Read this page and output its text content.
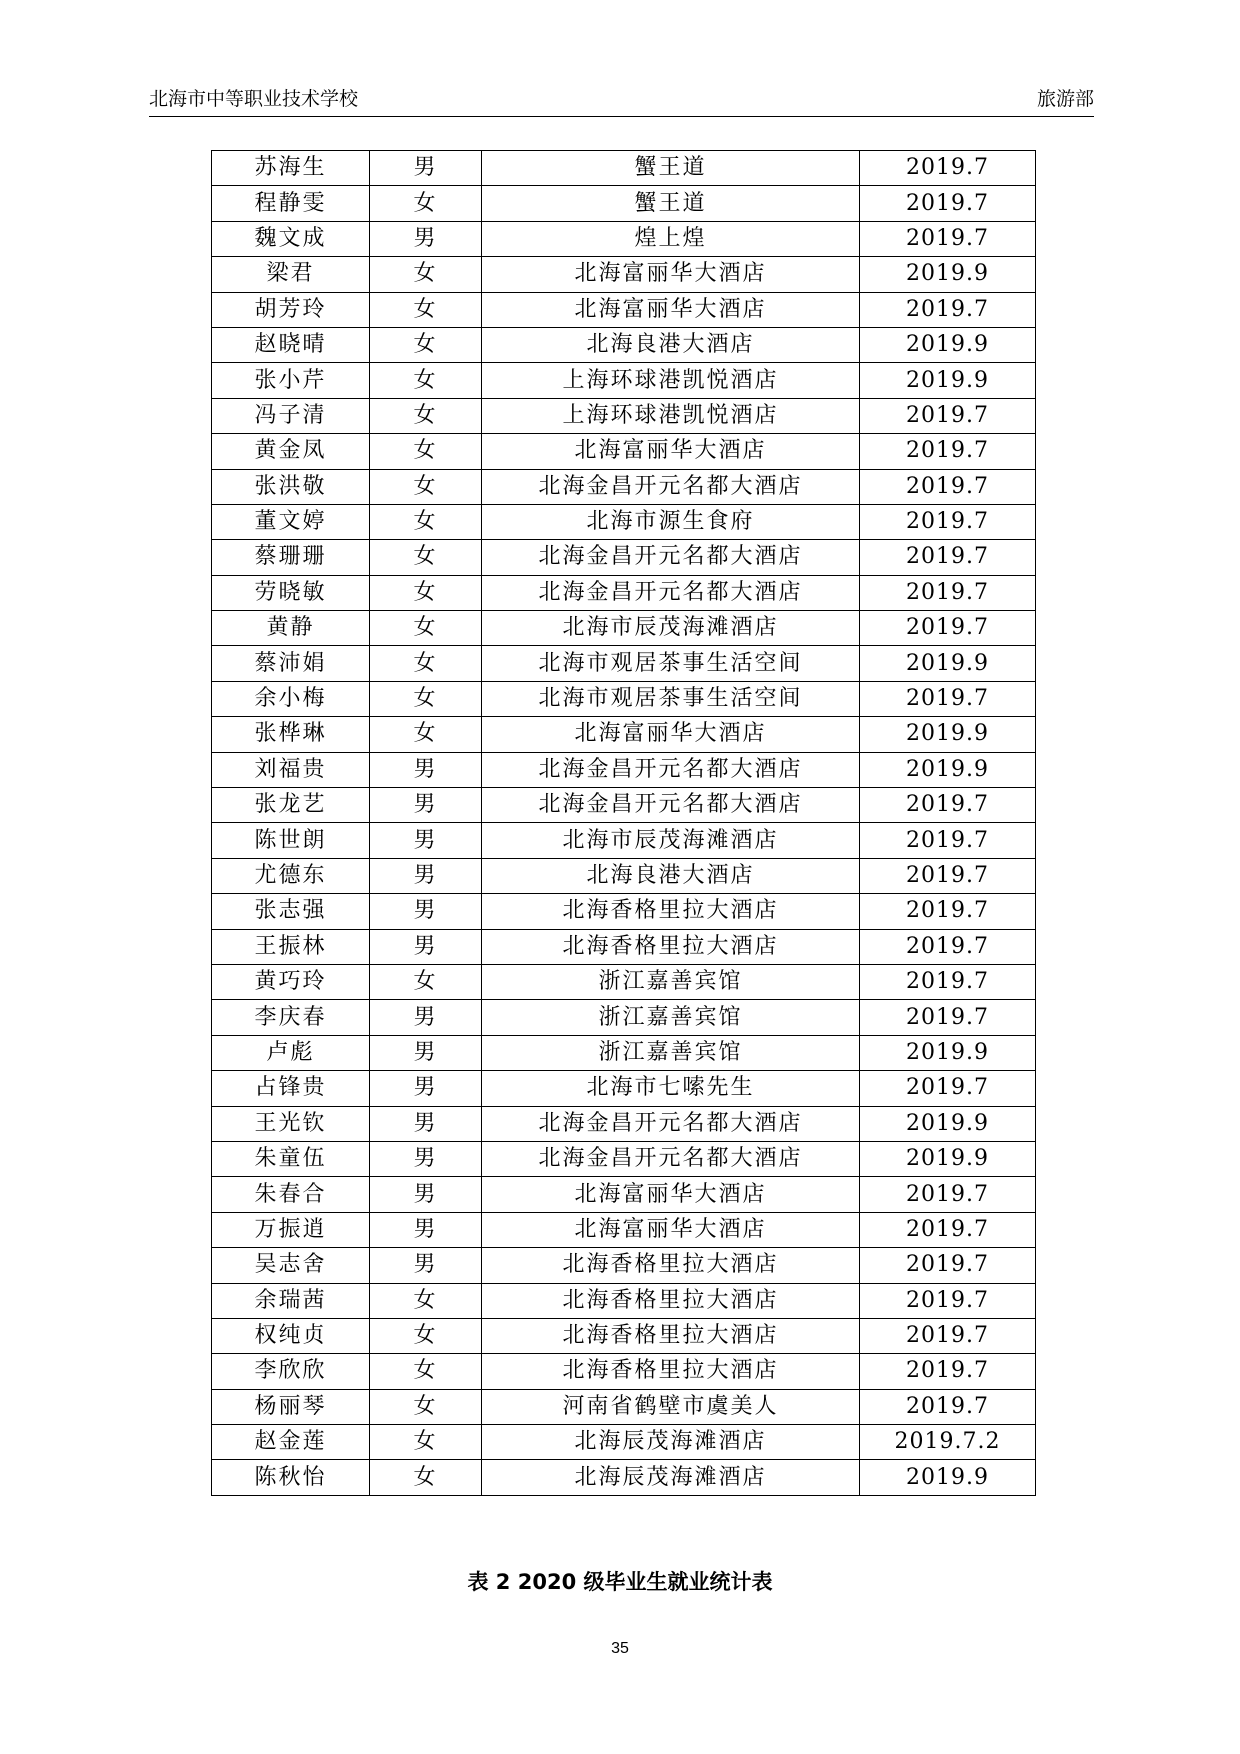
北海市中等职业技术学校	旅游部
苏海生	男	蟹王道	2019.7
程静雯	女	蟹王道	2019.7
魏文成	男	煌上煌	2019.7
梁君	女	北海富丽华大酒店	2019.9
胡芳玲	女	北海富丽华大酒店	2019.7
赵晓晴	女	北海良港大酒店	2019.9
张小芹	女	上海环球港凯悦酒店	2019.9
冯子清	女	上海环球港凯悦酒店	2019.7
黄金凤	女	北海富丽华大酒店	2019.7
张洪敬	女	北海金昌开元名都大酒店	2019.7
董文婷	女	北海市源生食府	2019.7
蔡珊珊	女	北海金昌开元名都大酒店	2019.7
劳晓敏	女	北海金昌开元名都大酒店	2019.7
黄静	女	北海市辰茂海滩酒店	2019.7
蔡沛娟	女	北海市观居茶事生活空间	2019.9
余小梅	女	北海市观居茶事生活空间	2019.7
张桦琳	女	北海富丽华大酒店	2019.9
刘福贵	男	北海金昌开元名都大酒店	2019.9
张龙艺	男	北海金昌开元名都大酒店	2019.7
陈世朗	男	北海市辰茂海滩酒店	2019.7
尤德东	男	北海良港大酒店	2019.7
张志强	男	北海香格里拉大酒店	2019.7
王振林	男	北海香格里拉大酒店	2019.7
黄巧玲	女	浙江嘉善宾馆	2019.7
李庆春	男	浙江嘉善宾馆	2019.7
卢彪	男	浙江嘉善宾馆	2019.9
占锋贵	男	北海市七嗦先生	2019.7
王光钦	男	北海金昌开元名都大酒店	2019.9
朱童伍	男	北海金昌开元名都大酒店	2019.9
朱春合	男	北海富丽华大酒店	2019.7
万振逍	男	北海富丽华大酒店	2019.7
吴志舍	男	北海香格里拉大酒店	2019.7
余瑞茜	女	北海香格里拉大酒店	2019.7
权纯贞	女	北海香格里拉大酒店	2019.7
李欣欣	女	北海香格里拉大酒店	2019.7
杨丽琴	女	河南省鹤壁市虞美人	2019.7
赵金莲	女	北海辰茂海滩酒店	2019.7.2
陈秋怡	女	北海辰茂海滩酒店	2019.9
表 2 2020 级毕业生就业统计表
35
